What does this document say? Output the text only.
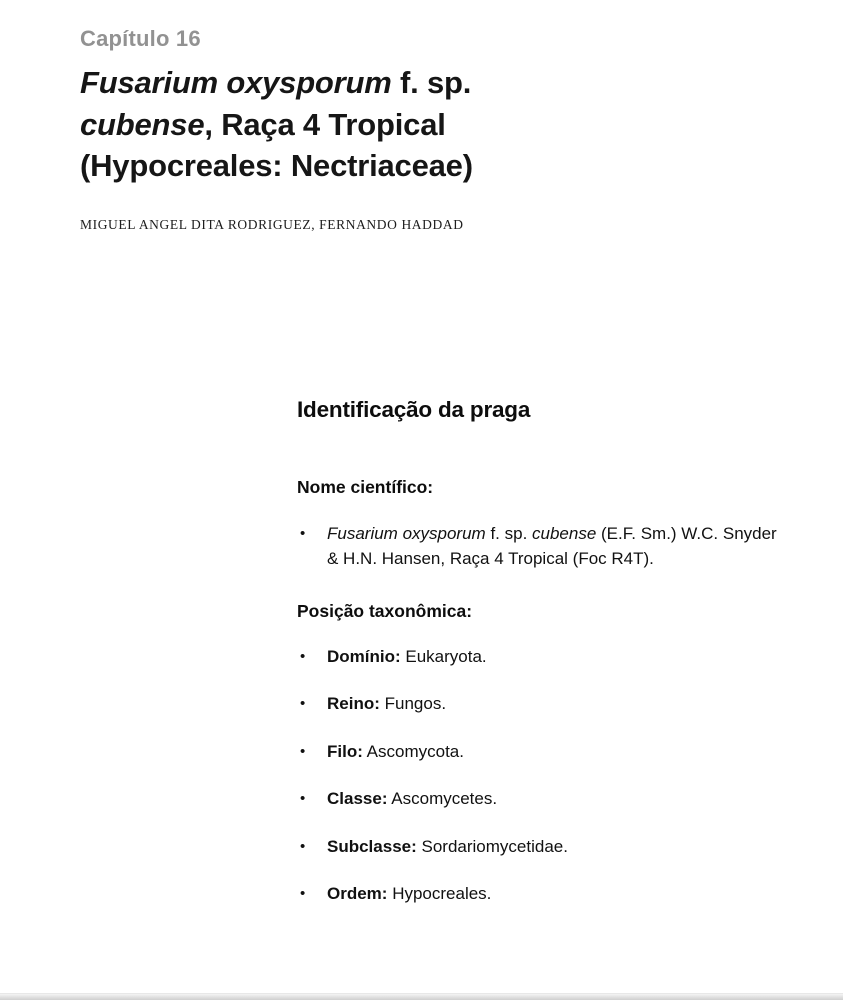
Capítulo 16
Fusarium oxysporum f. sp. cubense, Raça 4 Tropical (Hypocreales: Nectriaceae)
MIGUEL ANGEL DITA RODRIGUEZ, FERNANDO HADDAD
Identificação da praga
Nome científico:
•	Fusarium oxysporum f. sp. cubense (E.F. Sm.) W.C. Snyder & H.N. Hansen, Raça 4 Tropical (Foc R4T).
Posição taxonômica:
•	Domínio: Eukaryota.
•	Reino: Fungos.
•	Filo: Ascomycota.
•	Classe: Ascomycetes.
•	Subclasse: Sordariomycetidae.
•	Ordem: Hypocreales.
